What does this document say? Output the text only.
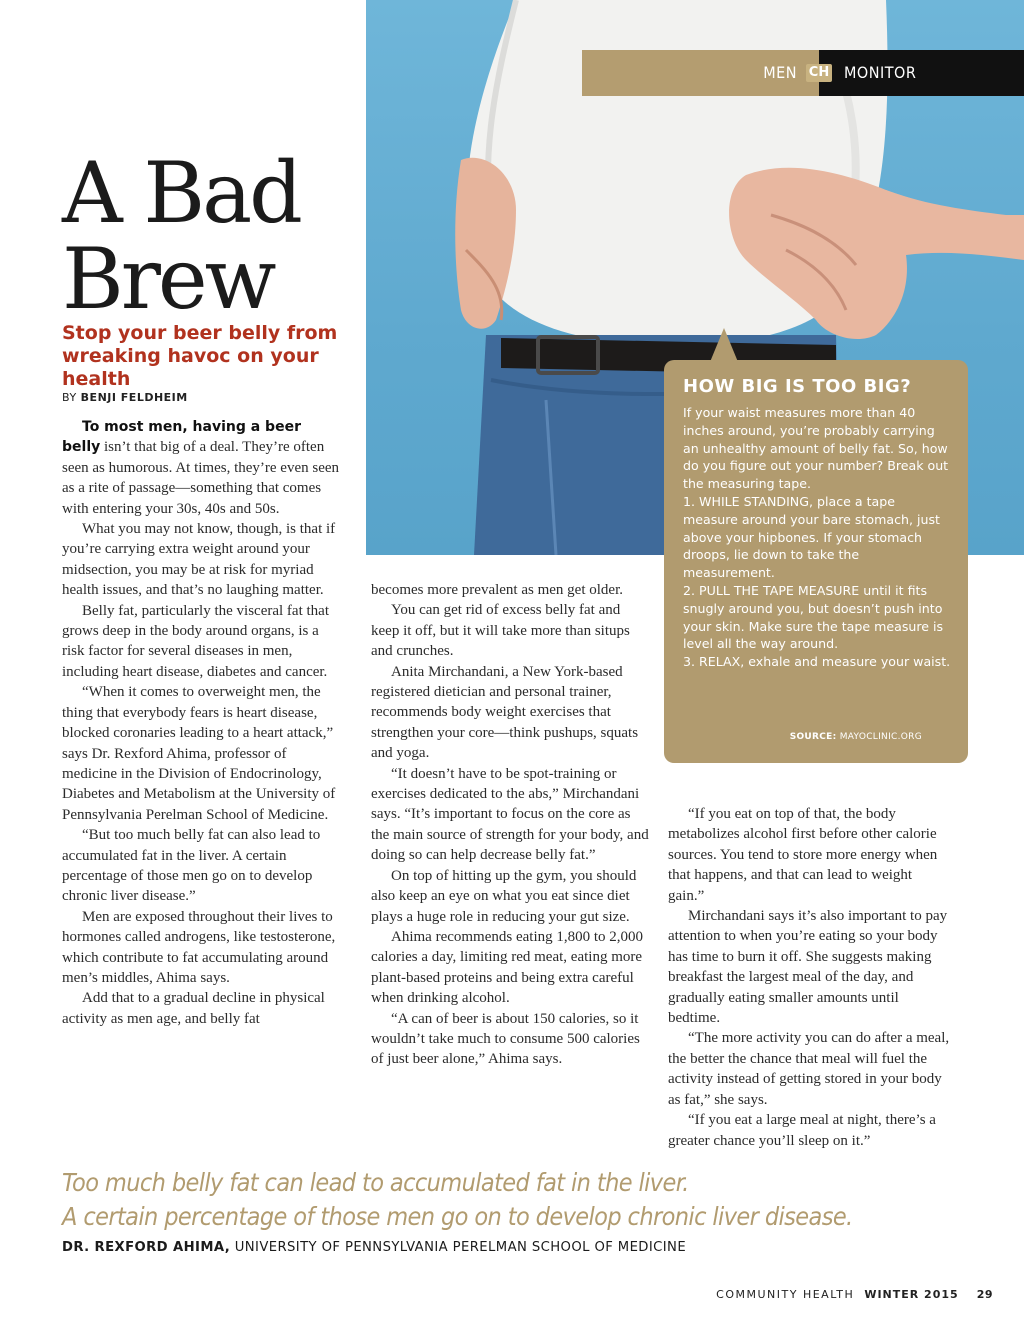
MEN CH MONITOR
A Bad
Brew
Stop your beer belly from wreaking havoc on your health
BY BENJI FELDHEIM

To most men, having a beer belly isn’t that big of a deal. They’re often seen as humorous. At times, they’re even seen as a rite of passage—something that comes with entering your 30s, 40s and 50s.

What you may not know, though, is that if you’re carrying extra weight around your midsection, you may be at risk for myriad health issues, and that’s no laughing matter.

Belly fat, particularly the visceral fat that grows deep in the body around organs, is a risk factor for several diseases in men, including heart disease, diabetes and cancer.

“When it comes to overweight men, the thing that everybody fears is heart disease, blocked coronaries leading to a heart attack,” says Dr. Rexford Ahima, professor of medicine in the Division of Endocrinology, Diabetes and Metabolism at the University of Pennsylvania Perelman School of Medicine.

“But too much belly fat can also lead to accumulated fat in the liver. A certain percentage of those men go on to develop chronic liver disease.”

Men are exposed throughout their lives to hormones called androgens, like testosterone, which contribute to fat accumulating around men’s middles, Ahima says.

Add that to a gradual decline in physical activity as men age, and belly fat

becomes more prevalent as men get older.

You can get rid of excess belly fat and keep it off, but it will take more than situps and crunches.

Anita Mirchandani, a New York-based registered dietician and personal trainer, recommends body weight exercises that strengthen your core—think pushups, squats and yoga.

“It doesn’t have to be spot-training or exercises dedicated to the abs,” Mirchandani says. “It’s important to focus on the core as the main source of strength for your body, and doing so can help decrease belly fat.”

On top of hitting up the gym, you should also keep an eye on what you eat since diet plays a huge role in reducing your gut size.

Ahima recommends eating 1,800 to 2,000 calories a day, limiting red meat, eating more plant-based proteins and being extra careful when drinking alcohol.

“A can of beer is about 150 calories, so it wouldn’t take much to consume 500 calories of just beer alone,” Ahima says.

“If you eat on top of that, the body metabolizes alcohol first before other calorie sources. You tend to store more energy when that happens, and that can lead to weight gain.”

Mirchandani says it’s also important to pay attention to when you’re eating so your body has time to burn it off. She suggests making breakfast the largest meal of the day, and gradually eating smaller amounts until bedtime.

“The more activity you can do after a meal, the better the chance that meal will fuel the activity instead of getting stored in your body as fat,” she says.

“If you eat a large meal at night, there’s a greater chance you’ll sleep on it.”

HOW BIG IS TOO BIG?

If your waist measures more than 40 inches around, you’re probably carrying an unhealthy amount of belly fat. So, how do you figure out your number? Break out the measuring tape.

1. WHILE STANDING, place a tape measure around your bare stomach, just above your hipbones. If your stomach droops, lie down to take the measurement.

2. PULL THE TAPE MEASURE until it fits snugly around you, but doesn’t push into your skin. Make sure the tape measure is level all the way around.

3. RELAX, exhale and measure your waist.

SOURCE: MAYOCLINIC.ORG
Too much belly fat can lead to accumulated fat in the liver.
A certain percentage of those men go on to develop chronic liver disease.
DR. REXFORD AHIMA, UNIVERSITY OF PENNSYLVANIA PERELMAN SCHOOL OF MEDICINE
COMMUNITY HEALTH WINTER 2015 29
